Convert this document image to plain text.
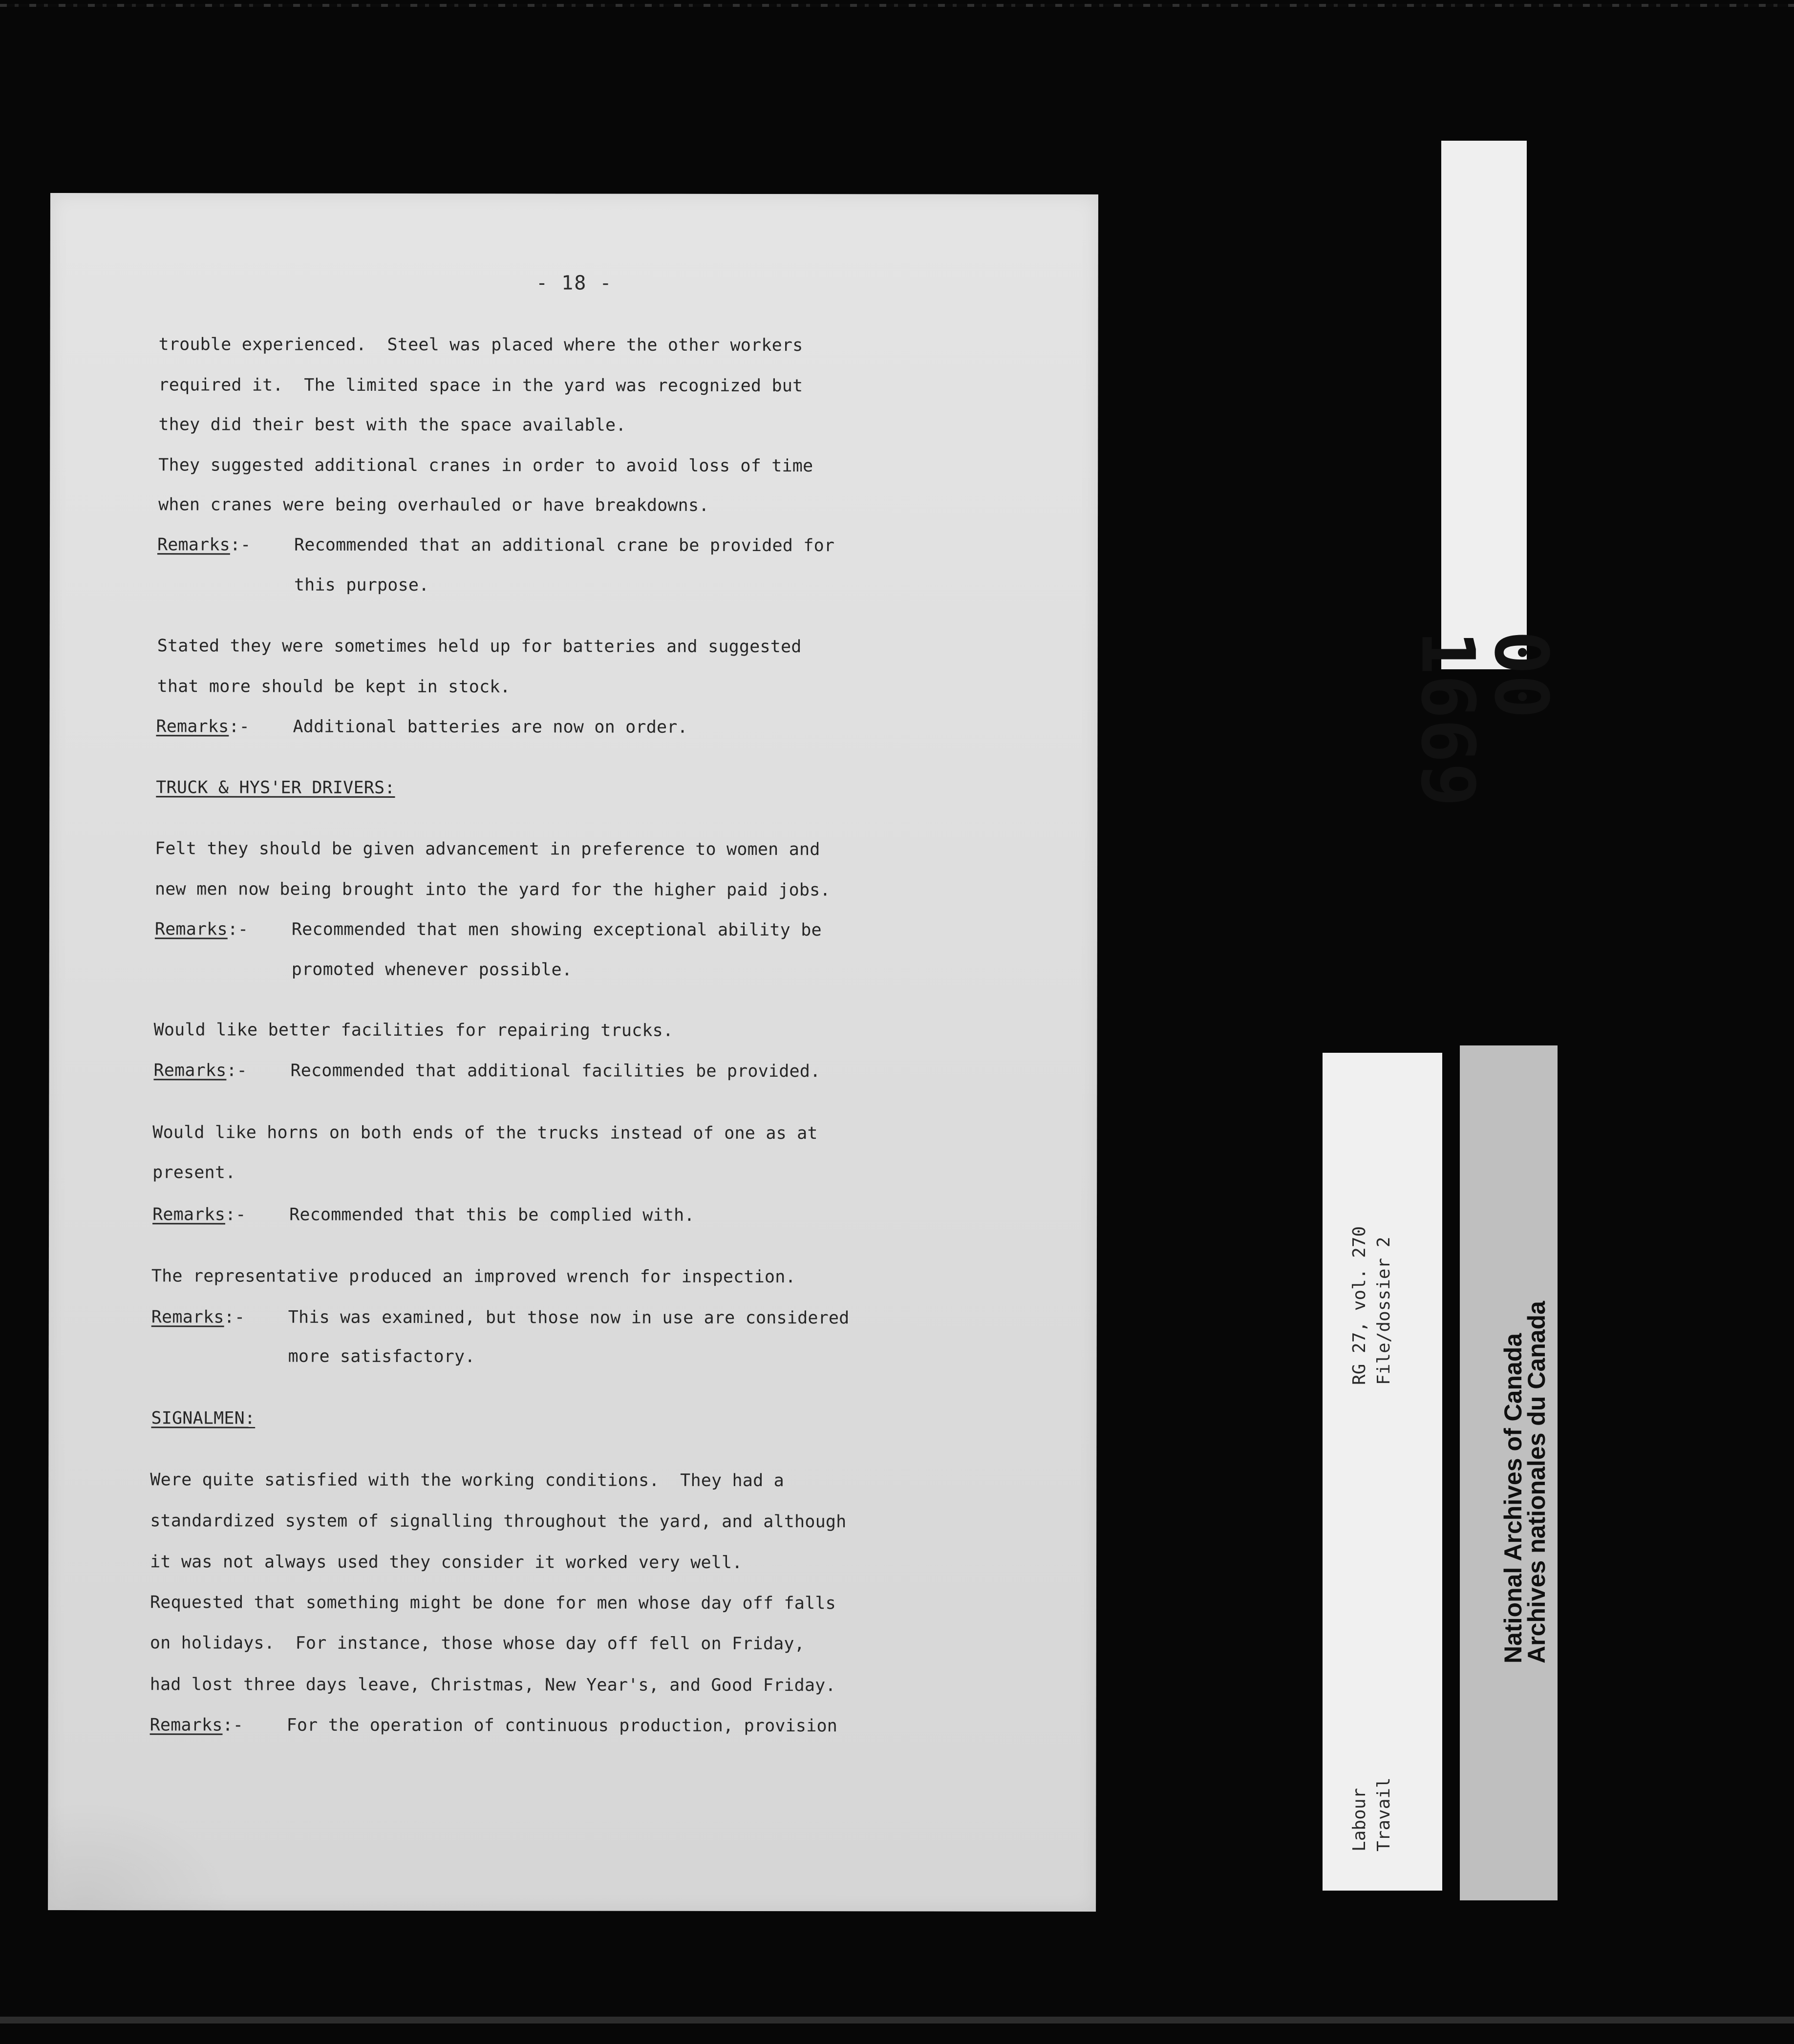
- 18 -
trouble experienced.  Steel was placed where the other workers
required it.  The limited space in the yard was recognized but
they did their best with the space available.
They suggested additional cranes in order to avoid loss of time
when cranes were being overhauled or have breakdowns.
Remarks:-	Recommended that an additional crane be provided for
this purpose.
Stated they were sometimes held up for batteries and suggested
that more should be kept in stock.
Remarks:-	Additional batteries are now on order.
TRUCK & HYS'ER DRIVERS:
Felt they should be given advancement in preference to women and
new men now being brought into the yard for the higher paid jobs.
Remarks:-	Recommended that men showing exceptional ability be
promoted whenever possible.
Would like better facilities for repairing trucks.
Remarks:-	Recommended that additional facilities be provided.
Would like horns on both ends of the trucks instead of one as at
present.
Remarks:-	Recommended that this be complied with.
The representative produced an improved wrench for inspection.
Remarks:-	This was examined, but those now in use are considered
more satisfactory.
SIGNALMEN:
Were quite satisfied with the working conditions.  They had a
standardized system of signalling throughout the yard, and although
it was not always used they consider it worked very well.
Requested that something might be done for men whose day off falls
on holidays.  For instance, those whose day off fell on Friday,
had lost three days leave, Christmas, New Year's, and Good Friday.
Remarks:-	For the operation of continuous production, provision
00 1669
RG 27, vol. 270 File/dossier 2
Labour Travail
National Archives of Canada
Archives nationales du Canada
